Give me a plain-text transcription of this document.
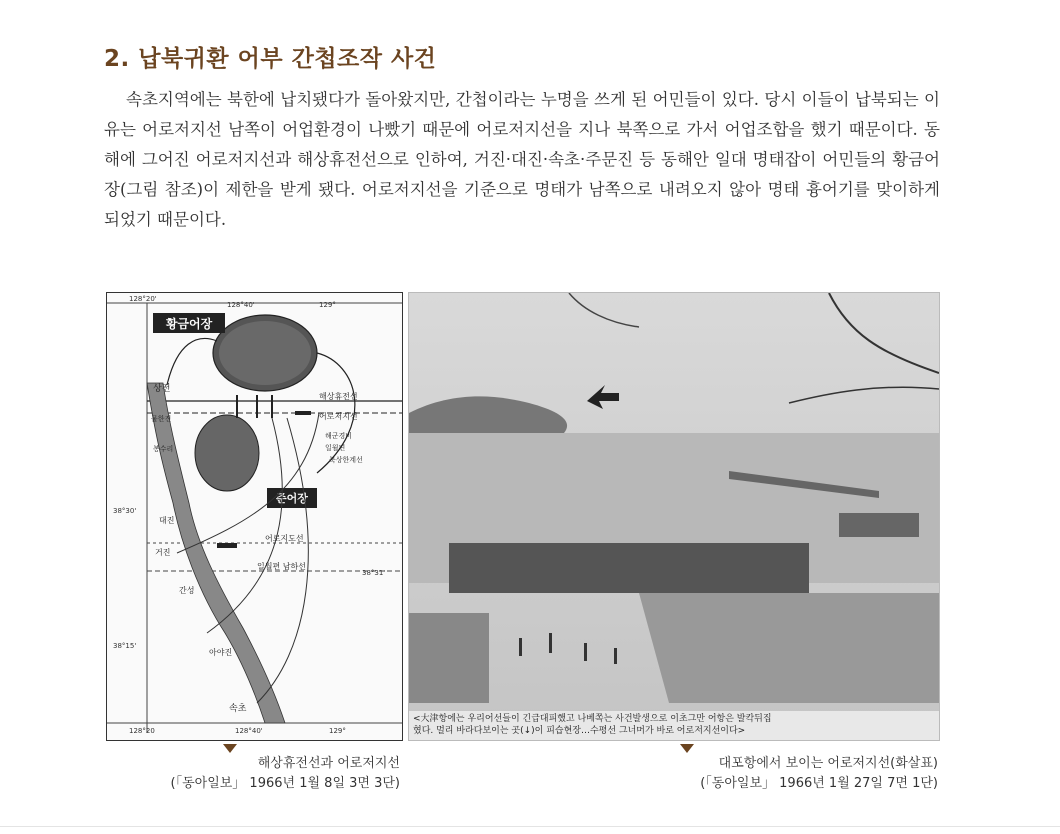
2. 납북귀환 어부 간첩조작 사건

속초지역에는 북한에 납치됐다가 돌아왔지만, 간첩이라는 누명을 쓰게 된 어민들이 있다. 당시 이들이 납북되는 이유는 어로저지선 남쪽이 어업환경이 나빴기 때문에 어로저지선을 지나 북쪽으로 가서 어업조합을 했기 때문이다. 동해에 그어진 어로저지선과 해상휴전선으로 인하여, 거진·대진·속초·주문진 등 동해안 일대 명태잡이 어민들의 황금어장(그림 참조)이 제한을 받게 됐다. 어로저지선을 기준으로 명태가 남쪽으로 내려오지 않아 명태 흉어기를 맞이하게 되었기 때문이다.

128°20'
128°40'	129°
128°20	128°40'	129°
38°30'
38°15'
38°31'
황금어장
준어장
해상휴전선
어로저지선
어로지도선
일월편 남하선
해군경비
일월편
북상한계선
상전
물한진
봉수리
대진
거진
간성
아야진
속초
해상휴전선과 어로저지선
(「동아일보」 1966년 1월 8일 3면 3단)
<大津항에는 우리어선들이 긴급대피했고 나베쪽는 사건발생으로 이초그만 어항은 발칵뒤집
혔다. 멀리 바라다보이는 곳(↓)이 피습현장…수평선 그너머가 바로 어로저지선이다>
대포항에서 보이는 어로저지선(화살표)
(「동아일보」 1966년 1월 27일 7면 1단)
